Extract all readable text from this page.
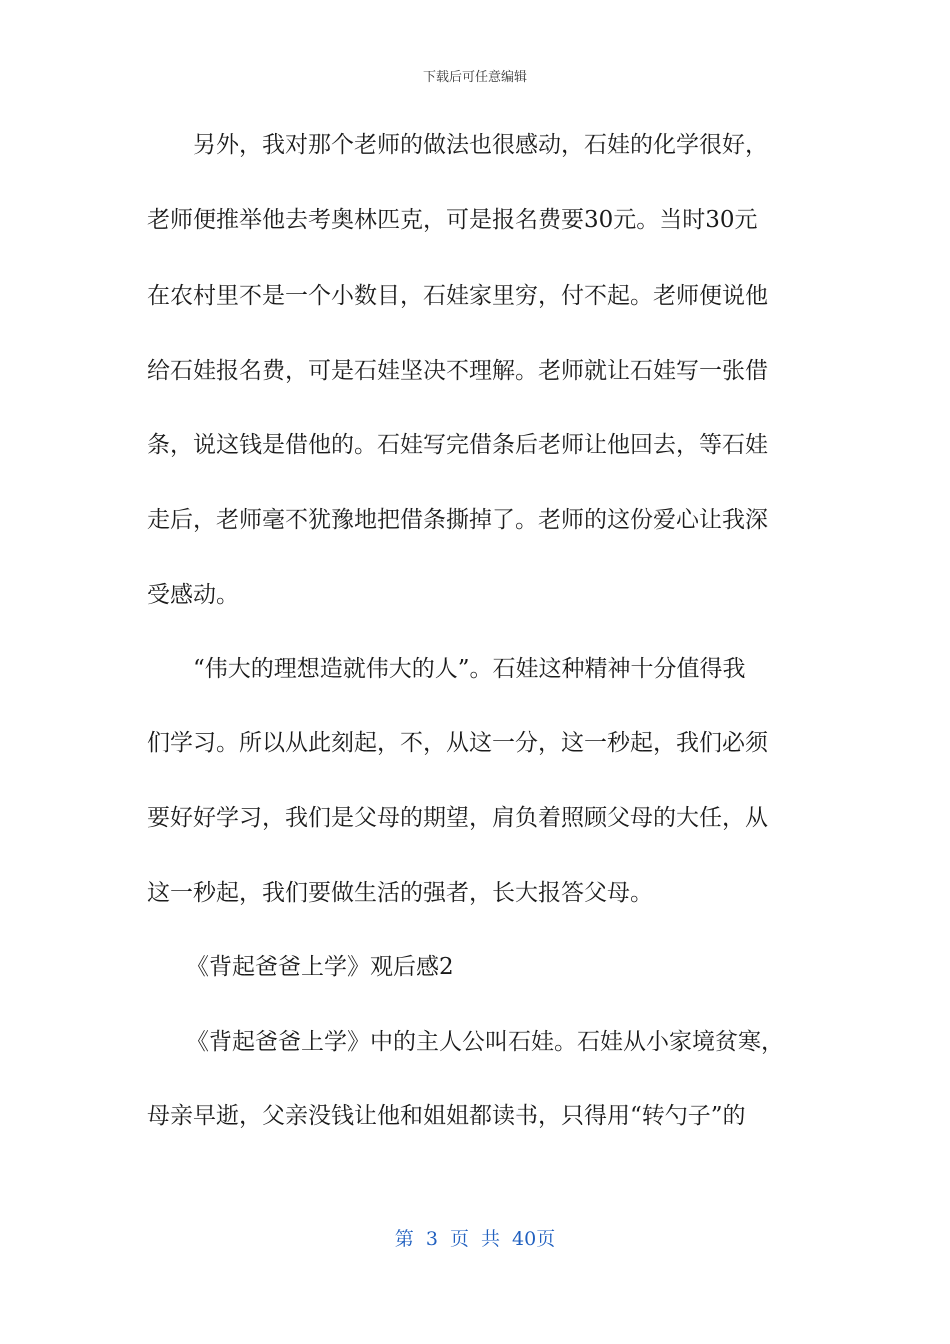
下载后可任意编辑
另外，我对那个老师的做法也很感动，石娃的化学很好，
老师便推举他去考奥林匹克，可是报名费要30元。当时30元
在农村里不是一个小数目，石娃家里穷，付不起。老师便说他
给石娃报名费，可是石娃坚决不理解。老师就让石娃写一张借
条，说这钱是借他的。石娃写完借条后老师让他回去，等石娃
走后，老师毫不犹豫地把借条撕掉了。老师的这份爱心让我深
受感动。
“伟大的理想造就伟大的人”。石娃这种精神十分值得我
们学习。所以从此刻起，不，从这一分，这一秒起，我们必须
要好好学习，我们是父母的期望，肩负着照顾父母的大任，从
这一秒起，我们要做生活的强者，长大报答父母。
《背起爸爸上学》观后感2
《背起爸爸上学》中的主人公叫石娃。石娃从小家境贫寒，
母亲早逝，父亲没钱让他和姐姐都读书，只得用“转勺子”的
第 3 页 共 40页
